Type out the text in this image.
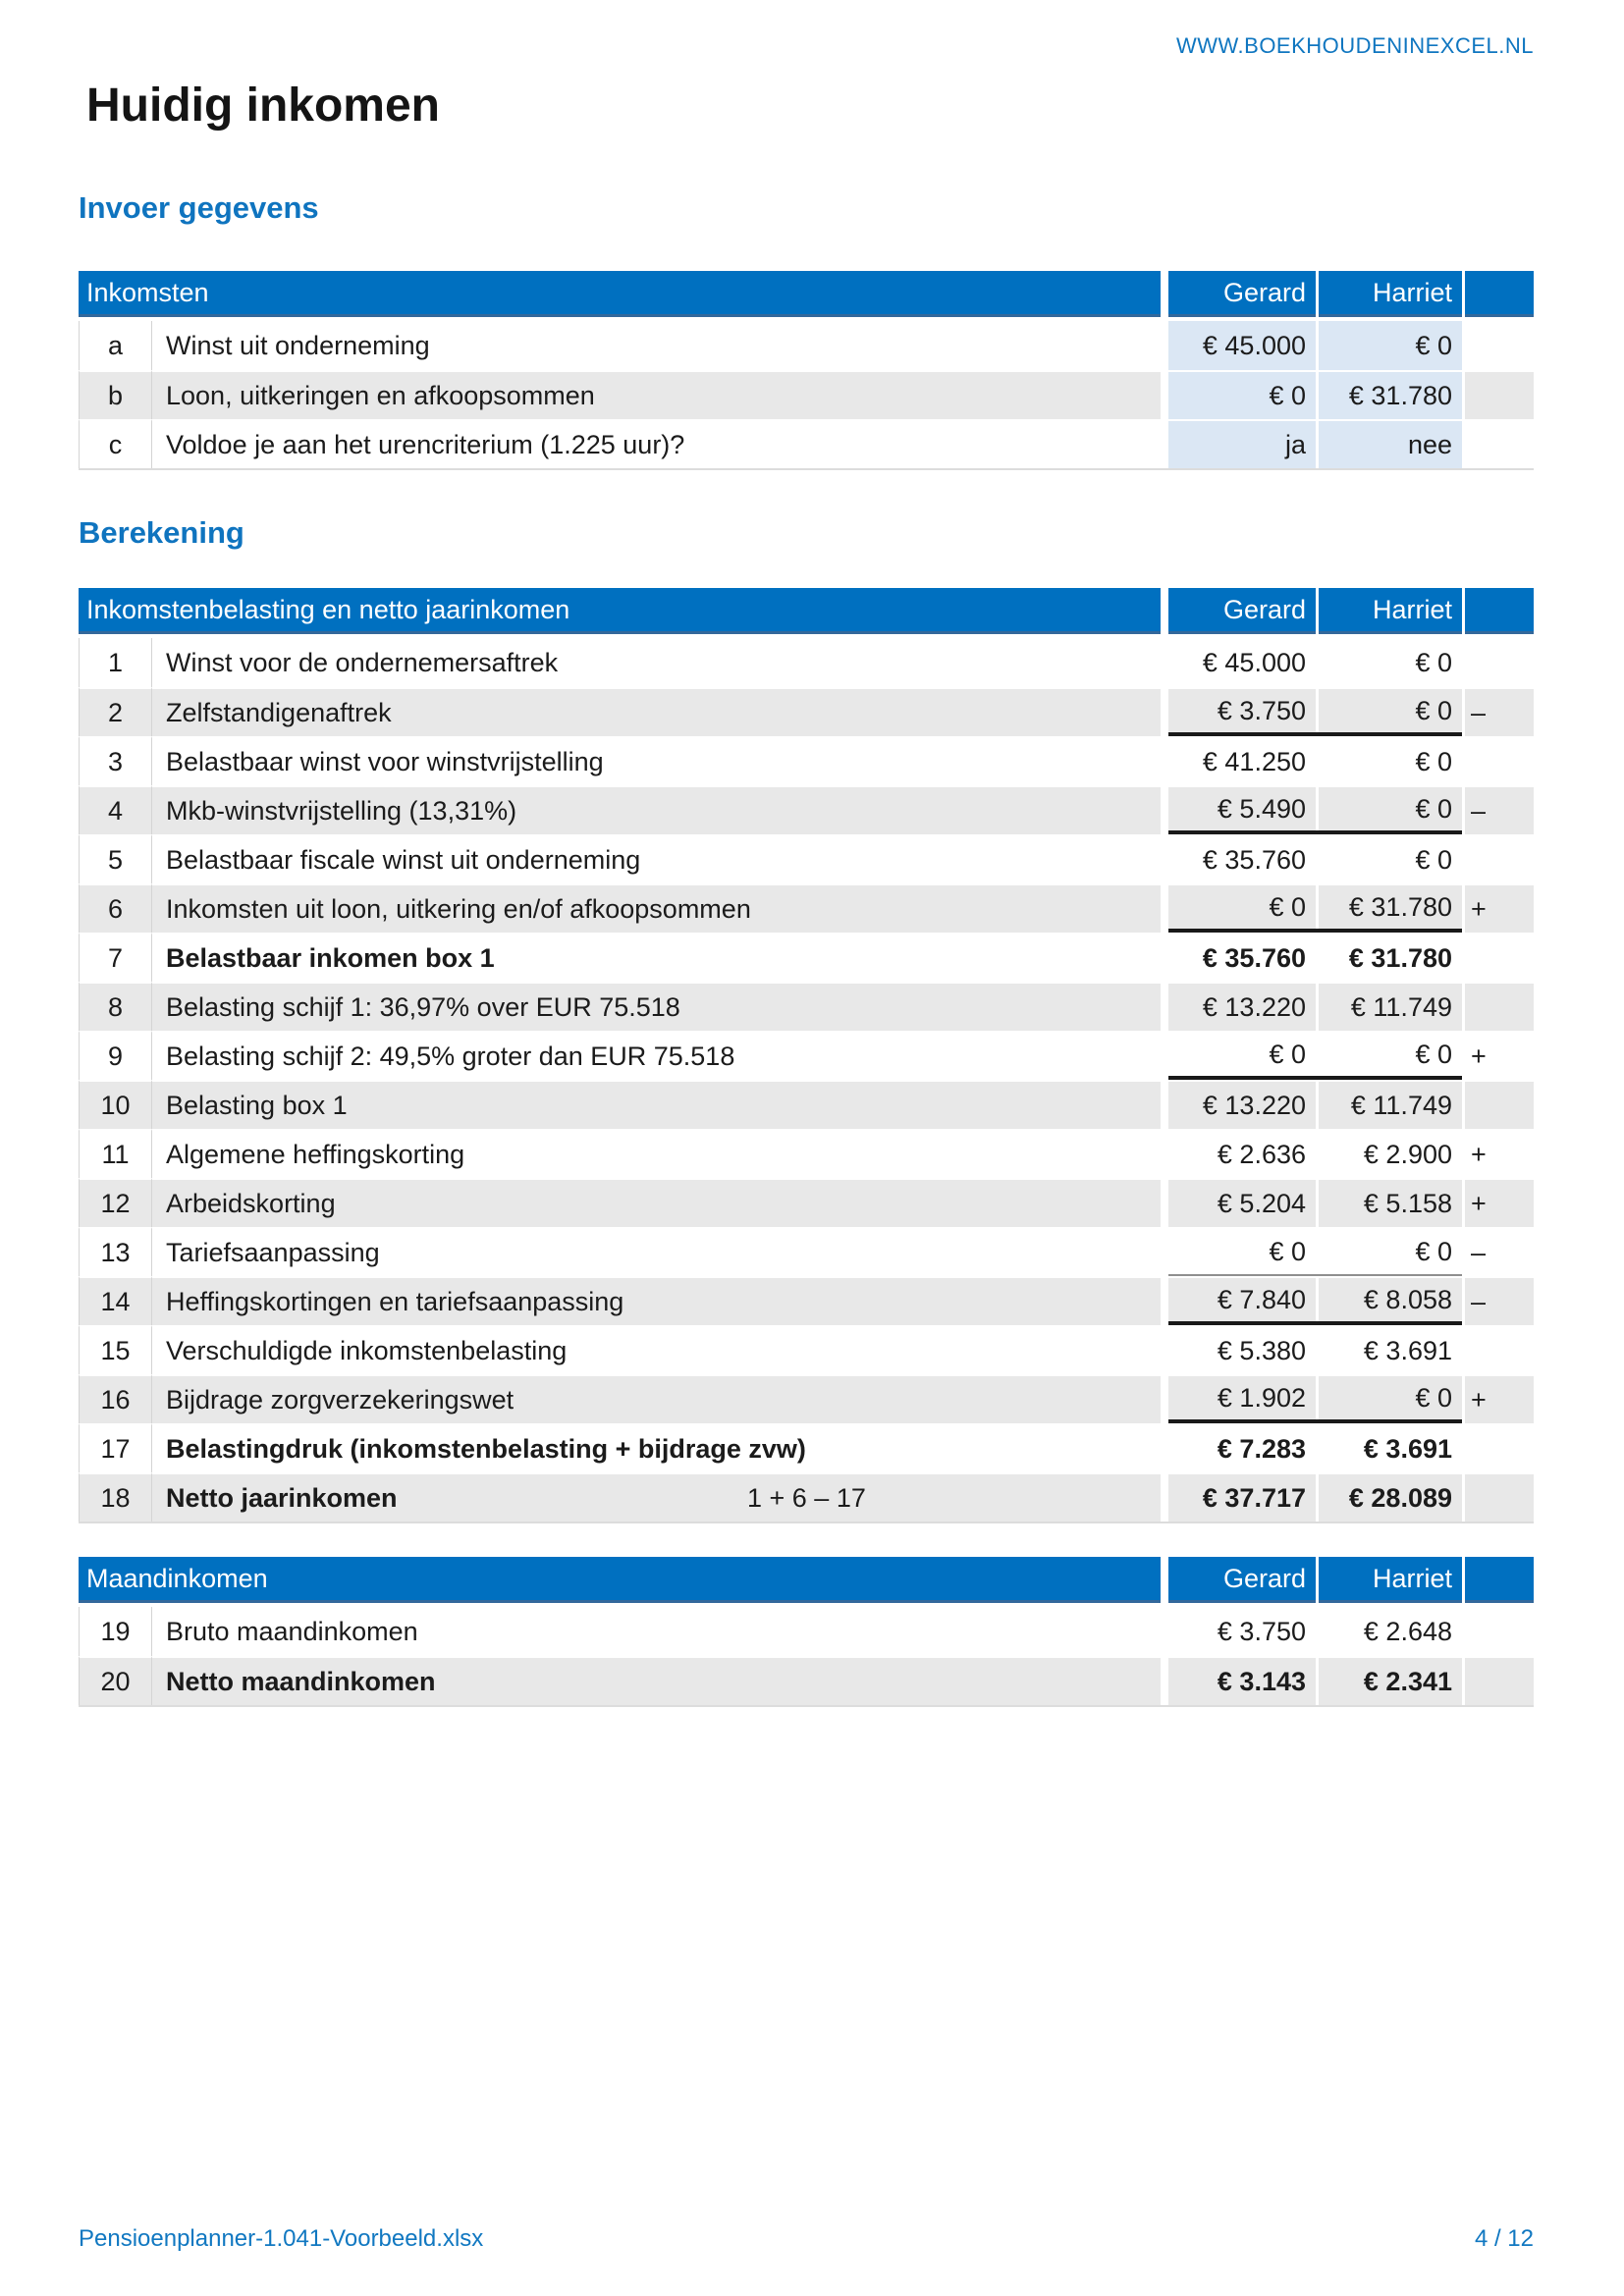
WWW.BOEKHOUDENINEXCEL.NL
Huidig inkomen
Invoer gegevens
Inkomsten	Gerard	Harriet
a	Winst uit onderneming	€ 45.000	€ 0
b	Loon, uitkeringen en afkoopsommen	€ 0	€ 31.780
c	Voldoe je aan het urencriterium (1.225 uur)?	ja	nee
Berekening
Inkomstenbelasting en netto jaarinkomen	Gerard	Harriet
1	Winst voor de ondernemersaftrek	€ 45.000	€ 0
2	Zelfstandigenaftrek	€ 3.750	€ 0 –
3	Belastbaar winst voor winstvrijstelling	€ 41.250	€ 0
4	Mkb-winstvrijstelling (13,31%)	€ 5.490	€ 0 –
5	Belastbaar fiscale winst uit onderneming	€ 35.760	€ 0
6	Inkomsten uit loon, uitkering en/of afkoopsommen	€ 0	€ 31.780 +
7	Belastbaar inkomen box 1	€ 35.760	€ 31.780
8	Belasting schijf 1: 36,97% over EUR 75.518	€ 13.220	€ 11.749
9	Belasting schijf 2: 49,5% groter dan EUR 75.518	€ 0	€ 0 +
10	Belasting box 1	€ 13.220	€ 11.749
11	Algemene heffingskorting	€ 2.636	€ 2.900 +
12	Arbeidskorting	€ 5.204	€ 5.158 +
13	Tariefsaanpassing	€ 0	€ 0 –
14	Heffingskortingen en tariefsaanpassing	€ 7.840	€ 8.058 –
15	Verschuldigde inkomstenbelasting	€ 5.380	€ 3.691
16	Bijdrage zorgverzekeringswet	€ 1.902	€ 0 +
17	Belastingdruk (inkomstenbelasting + bijdrage zvw)	€ 7.283	€ 3.691
18	Netto jaarinkomen	1 + 6 – 17	€ 37.717	€ 28.089
Maandinkomen	Gerard	Harriet
19	Bruto maandinkomen	€ 3.750	€ 2.648
20	Netto maandinkomen	€ 3.143	€ 2.341
Pensioenplanner-1.041-Voorbeeld.xlsx	4 / 12
